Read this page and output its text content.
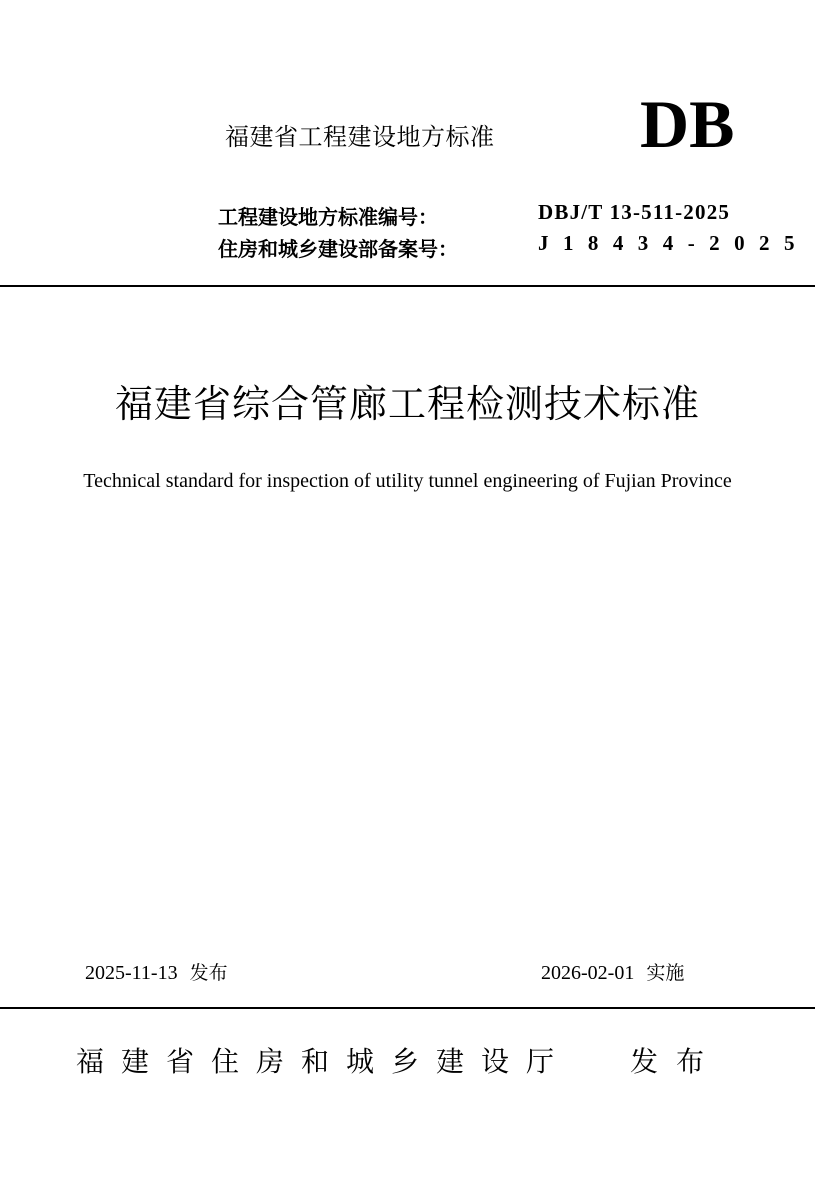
福建省工程建设地方标准 DB
工程建设地方标准编号：	DBJ/T 13-511-2025
住房和城乡建设部备案号：	J 1 8 4 3 4 - 2 0 2 5
福建省综合管廊工程检测技术标准
Technical standard for inspection of utility tunnel engineering of Fujian Province
2025-11-13 发布	2026-02-01 实施
福建省住房和城乡建设厅 发布
